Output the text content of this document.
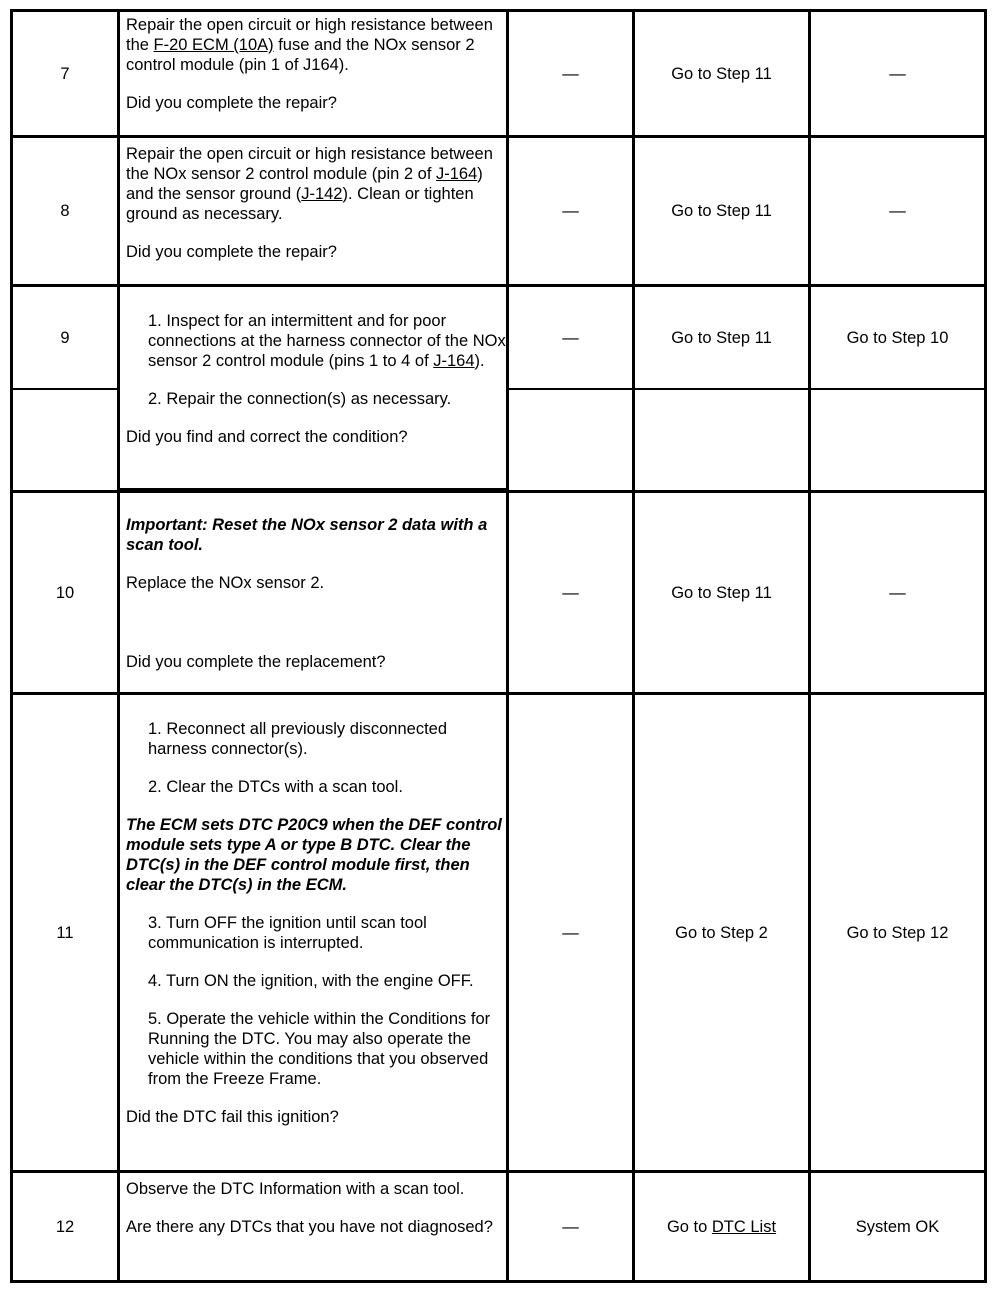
7

Repair the open circuit or high resistance between the F-20 ECM (10A) fuse and the NOx sensor 2 control module (pin 1 of J164).

Did you complete the repair?

—	Go to Step 11	—
8

Repair the open circuit or high resistance between the NOx sensor 2 control module (pin 2 of J-164) and the sensor ground (J-142). Clean or tighten ground as necessary.

Did you complete the repair?

—	Go to Step 11	—
9
1. Inspect for an intermittent and for poor connections at the harness connector of the NOx sensor 2 control module (pins 1 to 4 of J-164).
2. Repair the connection(s) as necessary.

Did you find and correct the condition?

—	Go to Step 11	Go to Step 10
10
Important: Reset the NOx sensor 2 data with a scan tool.

Replace the NOx sensor 2.

Did you complete the replacement?

—	Go to Step 11	—
11
1. Reconnect all previously disconnected harness connector(s).
2. Clear the DTCs with a scan tool.
The ECM sets DTC P20C9 when the DEF control module sets type A or type B DTC. Clear the DTC(s) in the DEF control module first, then clear the DTC(s) in the ECM.
3. Turn OFF the ignition until scan tool communication is interrupted.
4. Turn ON the ignition, with the engine OFF.
5. Operate the vehicle within the Conditions for Running the DTC. You may also operate the vehicle within the conditions that you observed from the Freeze Frame.

Did the DTC fail this ignition?

—	Go to Step 2	Go to Step 12
12

Observe the DTC Information with a scan tool.

Are there any DTCs that you have not diagnosed?	—	Go to DTC List	System OK
